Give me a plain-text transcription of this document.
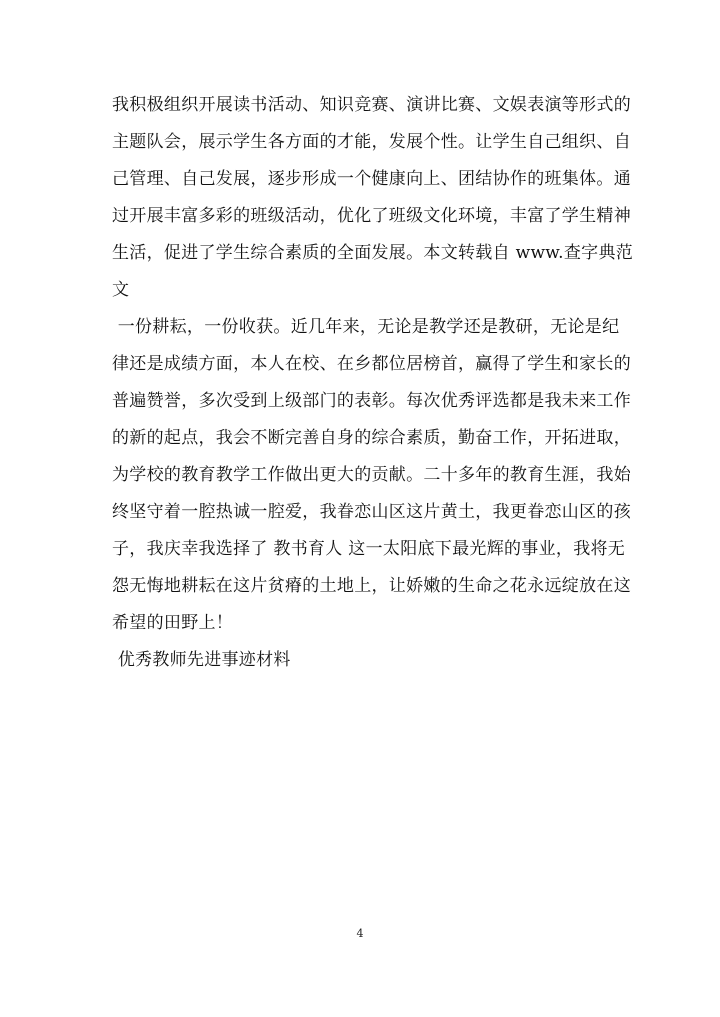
我积极组织开展读书活动、知识竞赛、演讲比赛、文娱表演等形式的
主题队会，展示学生各方面的才能，发展个性。让学生自己组织、自
己管理、自己发展，逐步形成一个健康向上、团结协作的班集体。通
过开展丰富多彩的班级活动，优化了班级文化环境，丰富了学生精神
生活，促进了学生综合素质的全面发展。本文转载自 www.查字典范
文
一份耕耘，一份收获。近几年来，无论是教学还是教研，无论是纪
律还是成绩方面，本人在校、在乡都位居榜首，赢得了学生和家长的
普遍赞誉，多次受到上级部门的表彰。每次优秀评选都是我未来工作
的新的起点，我会不断完善自身的综合素质，勤奋工作，开拓进取，
为学校的教育教学工作做出更大的贡献。二十多年的教育生涯，我始
终坚守着一腔热诚一腔爱，我眷恋山区这片黄土，我更眷恋山区的孩
子，我庆幸我选择了 教书育人 这一太阳底下最光辉的事业，我将无
怨无悔地耕耘在这片贫瘠的土地上，让娇嫩的生命之花永远绽放在这
希望的田野上！
优秀教师先进事迹材料
4
